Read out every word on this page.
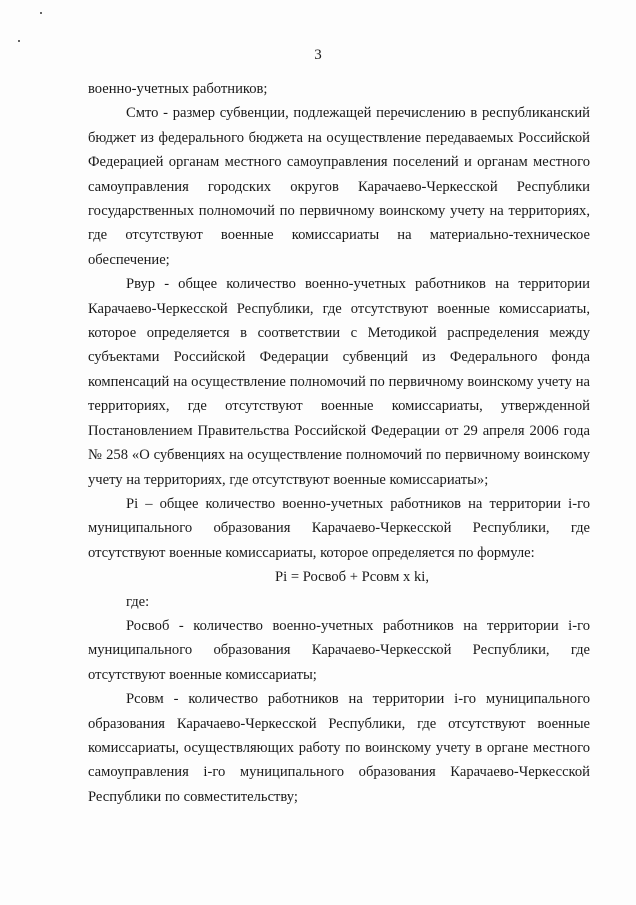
3

военно-учетных работников;

Смто - размер субвенции, подлежащей перечислению в республиканский бюджет из федерального бюджета на осуществление передаваемых Российской Федерацией органам местного самоуправления поселений и органам местного самоуправления городских округов Карачаево-Черкесской Республики государственных полномочий по первичному воинскому учету на территориях, где отсутствуют военные комиссариаты на материально-техническое обеспечение;

Рвур - общее количество военно-учетных работников на территории Карачаево-Черкесской Республики, где отсутствуют военные комиссариаты, которое определяется в соответствии с Методикой распределения между субъектами Российской Федерации субвенций из Федерального фонда компенсаций на осуществление полномочий по первичному воинскому учету на территориях, где отсутствуют военные комиссариаты, утвержденной Постановлением Правительства Российской Федерации от 29 апреля 2006 года № 258 «О субвенциях на осуществление полномочий по первичному воинскому учету на территориях, где отсутствуют военные комиссариаты»;

Pi – общее количество военно-учетных работников на территории i-го муниципального образования Карачаево-Черкесской Республики, где отсутствуют военные комиссариаты, которое определяется по формуле:

Pi = Росвоб + Рсовм x ki,

где:

Росвоб - количество военно-учетных работников на территории i-го муниципального образования Карачаево-Черкесской Республики, где отсутствуют военные комиссариаты;

Рсовм - количество работников на территории i-го муниципального образования Карачаево-Черкесской Республики, где отсутствуют военные комиссариаты, осуществляющих работу по воинскому учету в органе местного самоуправления i-го муниципального образования Карачаево-Черкесской Республики по совместительству;
